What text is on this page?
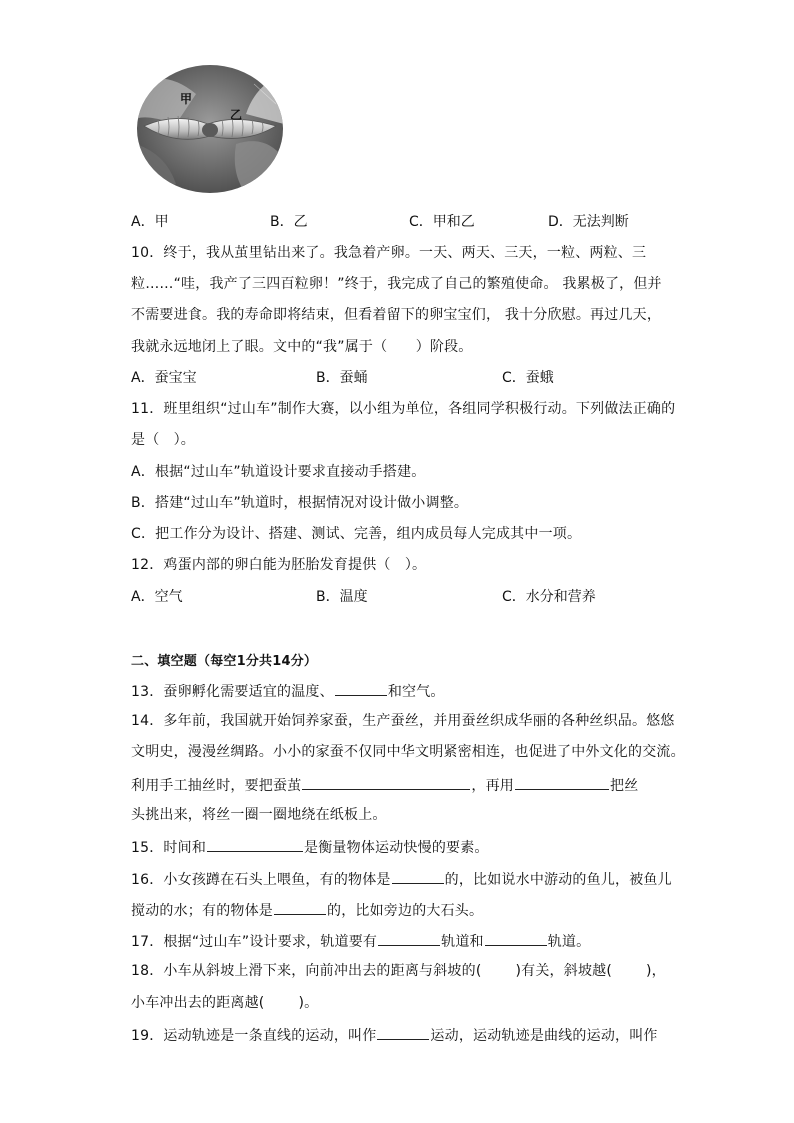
甲
乙
A．甲	B．乙	C．甲和乙	D．无法判断
10．终于，我从茧里钻出来了。我急着产卵。一天、两天、三天，一粒、两粒、三
粒……“哇，我产了三四百粒卵！”终于，我完成了自己的繁殖使命。 我累极了，但并
不需要进食。我的寿命即将结束，但看着留下的卵宝宝们， 我十分欣慰。再过几天，
我就永远地闭上了眼。文中的“我”属于（　　）阶段。
A．蚕宝宝	B．蚕蛹	C．蚕蛾
11．班里组织“过山车”制作大赛，以小组为单位，各组同学积极行动。下列做法正确的
是（　）。
A．根据“过山车”轨道设计要求直接动手搭建。
B．搭建“过山车”轨道时，根据情况对设计做小调整。
C．把工作分为设计、搭建、测试、完善，组内成员每人完成其中一项。
12．鸡蛋内部的卵白能为胚胎发育提供（　）。
A．空气	B．温度	C．水分和营养
二、填空题（每空1分共14分）
13．蚕卵孵化需要适宜的温度、	和空气。
14．多年前，我国就开始饲养家蚕，生产蚕丝，并用蚕丝织成华丽的各种丝织品。悠悠
文明史，漫漫丝绸路。小小的家蚕不仅同中华文明紧密相连，也促进了中外文化的交流。
利用手工抽丝时，要把蚕茧	，再用	把丝
头挑出来，将丝一圈一圈地绕在纸板上。
15．时间和	是衡量物体运动快慢的要素。
16．小女孩蹲在石头上喂鱼，有的物体是	的，比如说水中游动的鱼儿，被鱼儿
搅动的水；有的物体是	的，比如旁边的大石头。
17．根据“过山车”设计要求，轨道要有	轨道和	轨道。
18．小车从斜坡上滑下来，向前冲出去的距离与斜坡的( )有关，斜坡越( )，
小车冲出去的距离越( )。
19．运动轨迹是一条直线的运动，叫作	运动，运动轨迹是曲线的运动，叫作
